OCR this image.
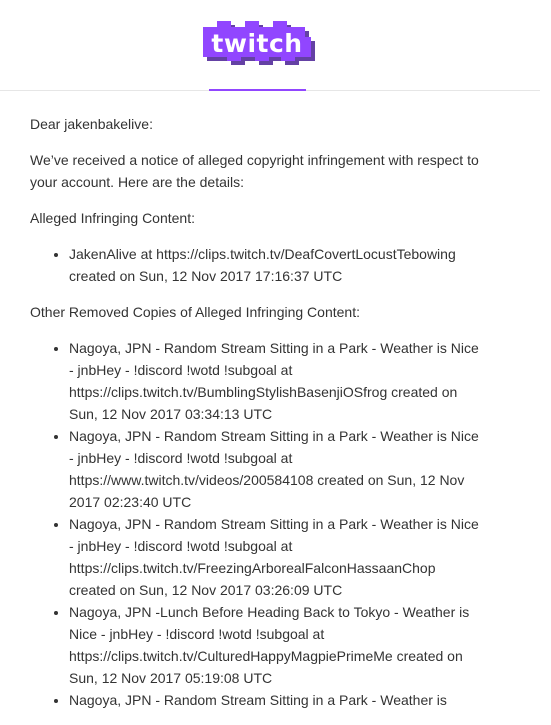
twitch

Dear jakenbakelive:

We’ve received a notice of alleged copyright infringement with respect to your account. Here are the details:

Alleged Infringing Content:

• JakenAlive at https://clips.twitch.tv/DeafCovertLocustTebowing created on Sun, 12 Nov 2017 17:16:37 UTC

Other Removed Copies of Alleged Infringing Content:

• Nagoya, JPN - Random Stream Sitting in a Park - Weather is Nice - jnbHey - !discord !wotd !subgoal at https://clips.twitch.tv/BumblingStylishBasenjiOSfrog created on Sun, 12 Nov 2017 03:34:13 UTC
• Nagoya, JPN - Random Stream Sitting in a Park - Weather is Nice - jnbHey - !discord !wotd !subgoal at https://www.twitch.tv/videos/200584108 created on Sun, 12 Nov 2017 02:23:40 UTC
• Nagoya, JPN - Random Stream Sitting in a Park - Weather is Nice - jnbHey - !discord !wotd !subgoal at https://clips.twitch.tv/FreezingArborealFalconHassaanChop created on Sun, 12 Nov 2017 03:26:09 UTC
• Nagoya, JPN -Lunch Before Heading Back to Tokyo - Weather is Nice - jnbHey - !discord !wotd !subgoal at https://clips.twitch.tv/CulturedHappyMagpiePrimeMe created on Sun, 12 Nov 2017 05:19:08 UTC
• Nagoya, JPN - Random Stream Sitting in a Park - Weather is
